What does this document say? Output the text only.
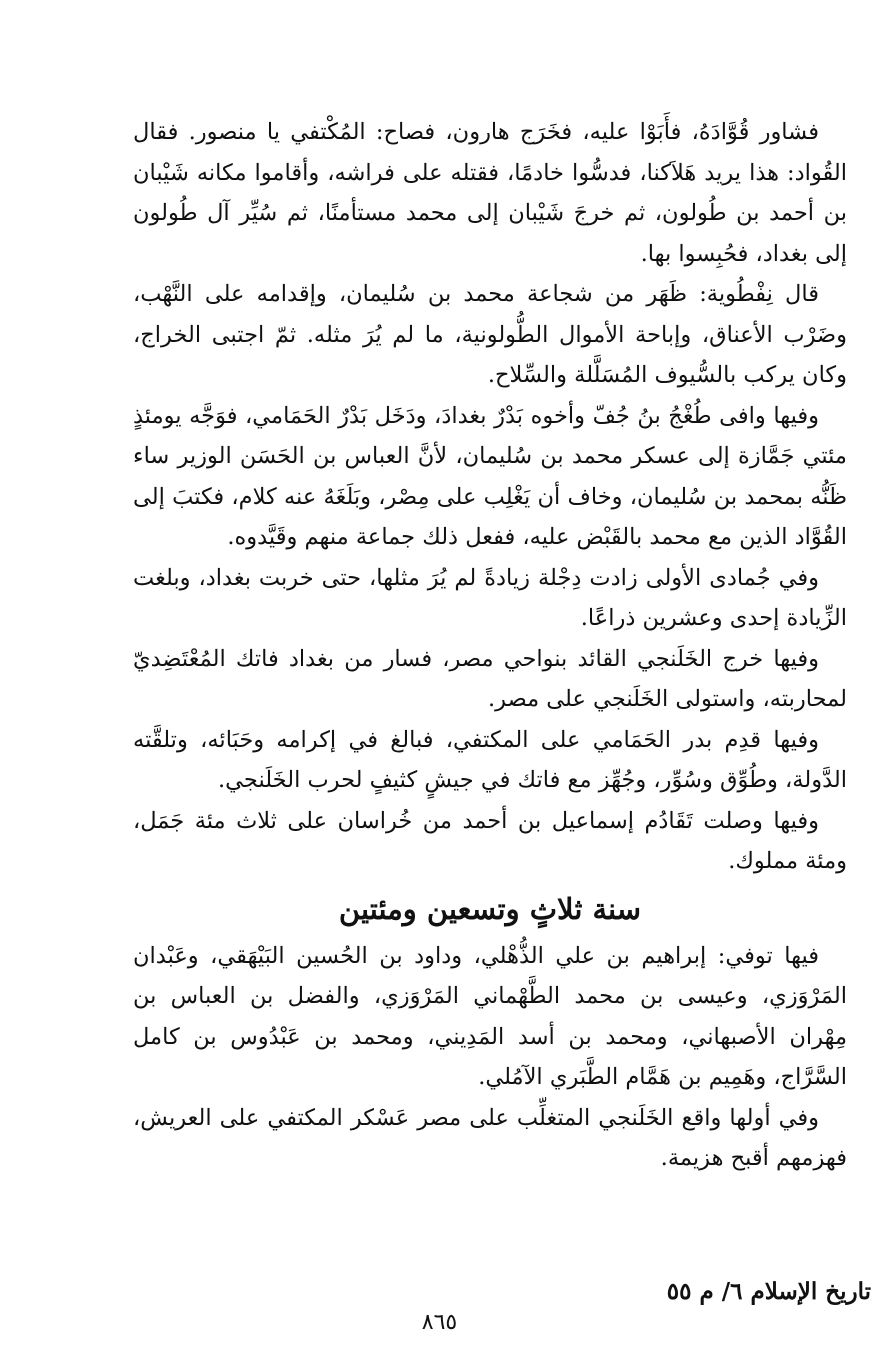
فشاور قُوَّادَهُ، فأَبَوْا عليه، فخَرَج هارون، فصاح: المُكْتفي يا منصور. فقال القُواد: هذا يريد هَلاَكنا، فدسُّوا خادمًا، فقتله على فراشه، وأقاموا مكانه شَيْبان بن أحمد بن طُولون، ثم خرجَ شَيْبان إلى محمد مستأمنًا، ثم سُيِّر آل طُولون إلى بغداد، فحُبِسوا بها.

قال نِفْطُوية: ظَهَر من شجاعة محمد بن سُليمان، وإقدامه على النَّهْب، وضَرْب الأعناق، وإباحة الأموال الطُّولونية، ما لم يُرَ مثله. ثمّ اجتبى الخراج، وكان يركب بالسُّيوف المُسَلَّلة والسِّلاح.

وفيها وافى طُغْجُ بنُ جُفّ وأخوه بَدْرٌ بغدادَ، ودَخَل بَدْرٌ الحَمَامي، فوَجَّه يومئذٍ مئتي جَمَّازة إلى عسكر محمد بن سُليمان، لأنَّ العباس بن الحَسَن الوزير ساء ظَنُّه بمحمد بن سُليمان، وخاف أن يَغْلِب على مِصْر، وبَلَغَهُ عنه كلام، فكتبَ إلى القُوَّاد الذين مع محمد بالقَبْض عليه، ففعل ذلك جماعة منهم وقَيَّدوه.

وفي جُمادى الأولى زادت دِجْلة زيادةً لم يُرَ مثلها، حتى خربت بغداد، وبلغت الزِّيادة إحدى وعشرين ذراعًا.

وفيها خرج الخَلَنجي القائد بنواحي مصر، فسار من بغداد فاتك المُعْتَضِديّ لمحاربته، واستولى الخَلَنجي على مصر.

وفيها قدِم بدر الحَمَامي على المكتفي، فبالغ في إكرامه وحَبَائه، وتلقَّته الدَّولة، وطُوِّق وسُوِّر، وجُهِّز مع فاتك في جيشٍ كثيفٍ لحرب الخَلَنجي.

وفيها وصلت تَقَادُم إسماعيل بن أحمد من خُراسان على ثلاث مئة جَمَل، ومئة مملوك.

سنة ثلاثٍ وتسعين ومئتين

فيها توفي: إبراهيم بن علي الذُّهْلي، وداود بن الحُسين البَيْهَقي، وعَبْدان المَرْوَزي، وعيسى بن محمد الطَّهْماني المَرْوَزي، والفضل بن العباس بن مِهْران الأصبهاني، ومحمد بن أسد المَدِيني، ومحمد بن عَبْدُوس بن كامل السَّرَّاج، وهَمِيم بن هَمَّام الطَّبَري الآمُلي.

وفي أولها واقع الخَلَنجي المتغلِّب على مصر عَسْكر المكتفي على العريش، فهزمهم أقبح هزيمة.

تاريخ الإسلام ٦/ م ٥٥
٨٦٥
